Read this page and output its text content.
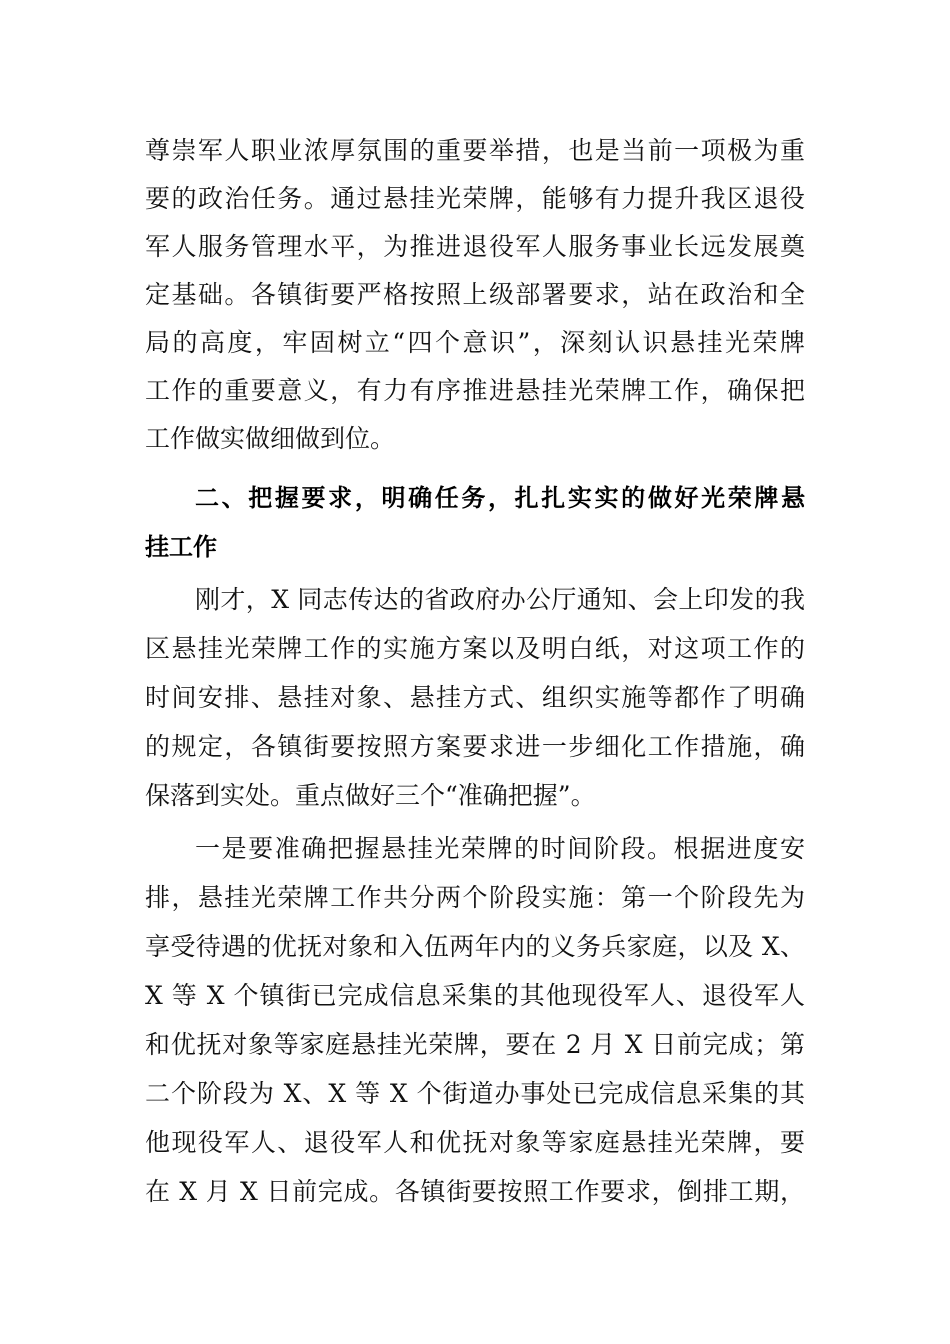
尊崇军人职业浓厚氛围的重要举措，也是当前一项极为重
要的政治任务。通过悬挂光荣牌，能够有力提升我区退役
军人服务管理水平，为推进退役军人服务事业长远发展奠
定基础。各镇街要严格按照上级部署要求，站在政治和全
局的高度，牢固树立“四个意识”，深刻认识悬挂光荣牌
工作的重要意义，有力有序推进悬挂光荣牌工作，确保把
工作做实做细做到位。
二、把握要求，明确任务，扎扎实实的做好光荣牌悬
挂工作
刚才，X 同志传达的省政府办公厅通知、会上印发的我
区悬挂光荣牌工作的实施方案以及明白纸，对这项工作的
时间安排、悬挂对象、悬挂方式、组织实施等都作了明确
的规定，各镇街要按照方案要求进一步细化工作措施，确
保落到实处。重点做好三个“准确把握”。
一是要准确把握悬挂光荣牌的时间阶段。根据进度安
排，悬挂光荣牌工作共分两个阶段实施：第一个阶段先为
享受待遇的优抚对象和入伍两年内的义务兵家庭，以及 X、
X 等 X 个镇街已完成信息采集的其他现役军人、退役军人
和优抚对象等家庭悬挂光荣牌，要在 2 月 X 日前完成；第
二个阶段为 X、X 等 X 个街道办事处已完成信息采集的其
他现役军人、退役军人和优抚对象等家庭悬挂光荣牌，要
在 X 月 X 日前完成。各镇街要按照工作要求，倒排工期，
